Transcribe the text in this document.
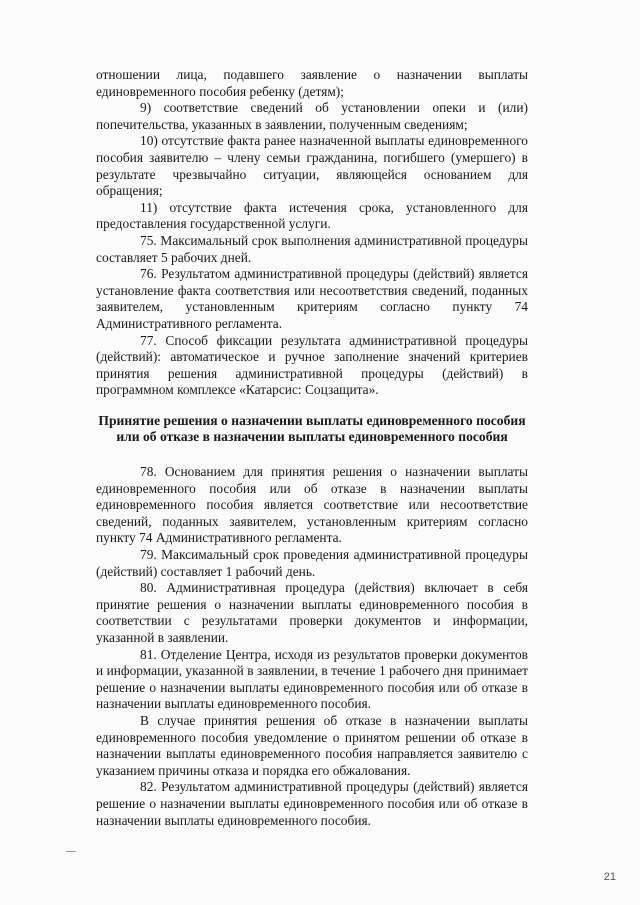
отношении лица, подавшего заявление о назначении выплаты единовременного пособия ребенку (детям);

9) соответствие сведений об установлении опеки и (или) попечительства, указанных в заявлении, полученным сведениям;

10) отсутствие факта ранее назначенной выплаты единовременного пособия заявителю – члену семьи гражданина, погибшего (умершего) в результате чрезвычайно ситуации, являющейся основанием для обращения;

11) отсутствие факта истечения срока, установленного для предоставления государственной услуги.

75. Максимальный срок выполнения административной процедуры составляет 5 рабочих дней.

76. Результатом административной процедуры (действий) является установление факта соответствия или несоответствия сведений, поданных заявителем, установленным критериям согласно пункту 74 Административного регламента.

77. Способ фиксации результата административной процедуры (действий): автоматическое и ручное заполнение значений критериев принятия решения административной процедуры (действий) в программном комплексе «Катарсис: Соцзащита».

Принятие решения о назначении выплаты единовременного пособия или об отказе в назначении выплаты единовременного пособия

78. Основанием для принятия решения о назначении выплаты единовременного пособия или об отказе в назначении выплаты единовременного пособия является соответствие или несоответствие сведений, поданных заявителем, установленным критериям согласно пункту 74 Административного регламента.

79. Максимальный срок проведения административной процедуры (действий) составляет 1 рабочий день.

80. Административная процедура (действия) включает в себя принятие решения о назначении выплаты единовременного пособия в соответствии с результатами проверки документов и информации, указанной в заявлении.

81. Отделение Центра, исходя из результатов проверки документов и информации, указанной в заявлении, в течение 1 рабочего дня принимает решение о назначении выплаты единовременного пособия или об отказе в назначении выплаты единовременного пособия.

В случае принятия решения об отказе в назначении выплаты единовременного пособия уведомление о принятом решении об отказе в назначении выплаты единовременного пособия направляется заявителю с указанием причины отказа и порядка его обжалования.

82. Результатом административной процедуры (действий) является решение о назначении выплаты единовременного пособия или об отказе в назначении выплаты единовременного пособия.

21
